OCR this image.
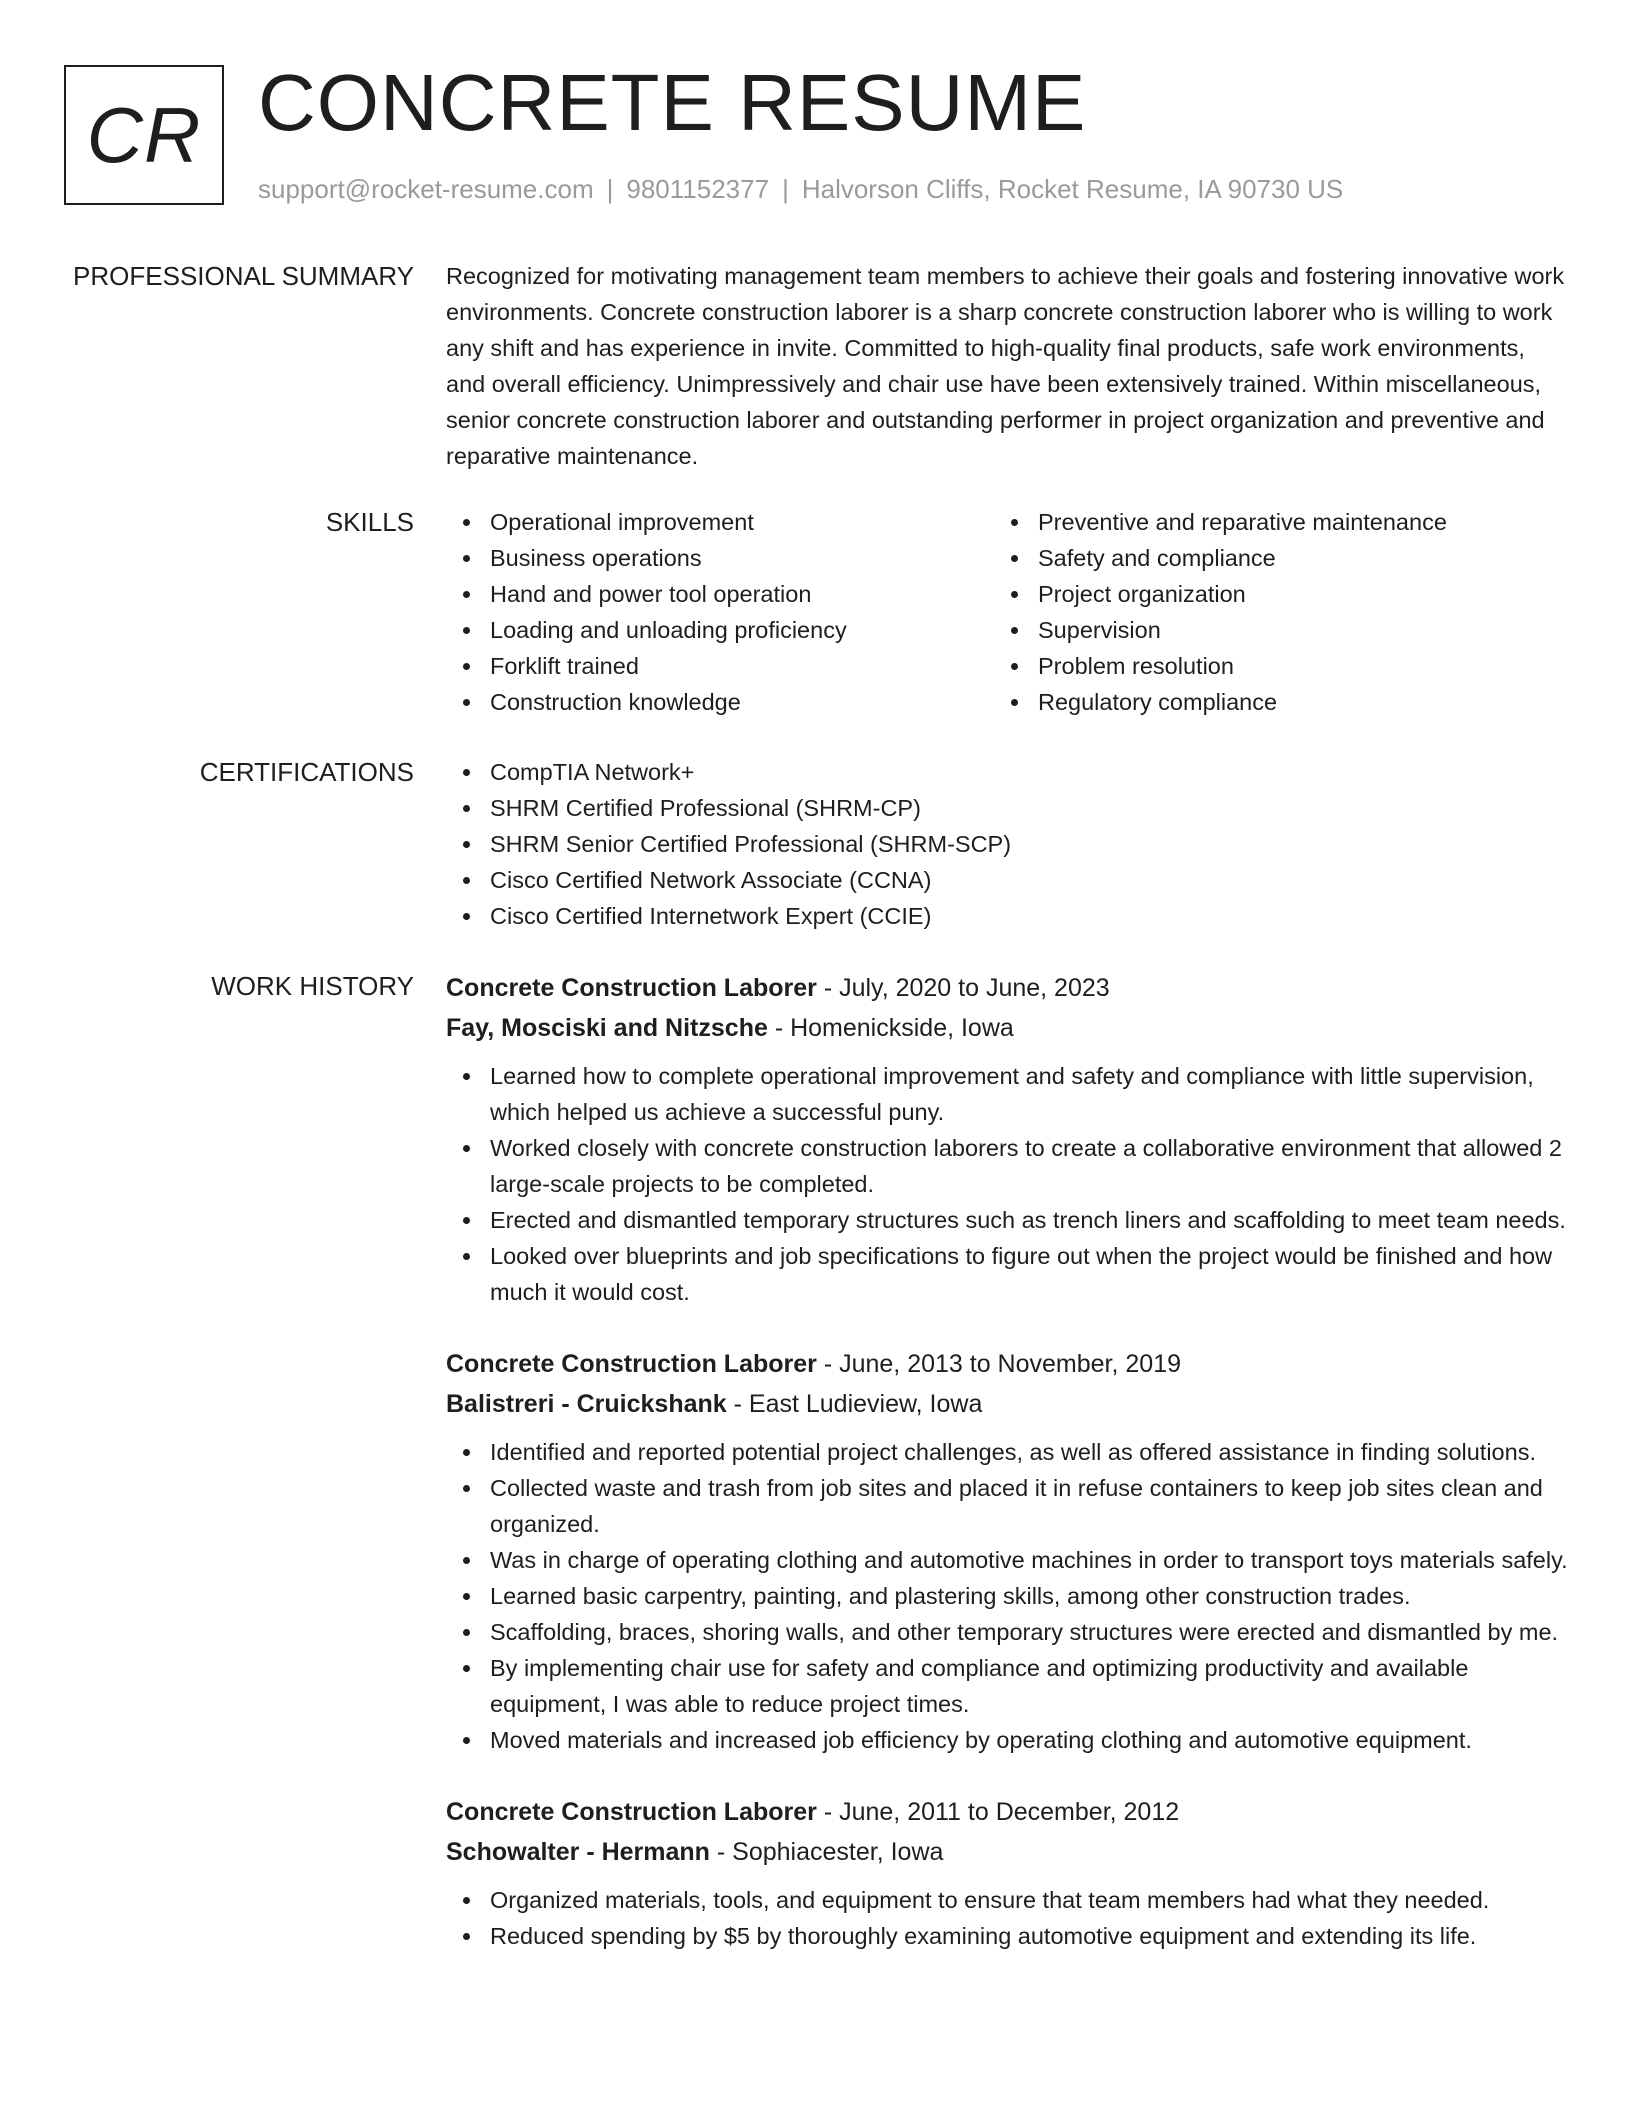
CR CONCRETE RESUME
support@rocket-resume.com | 9801152377 | Halvorson Cliffs, Rocket Resume, IA 90730 US
PROFESSIONAL SUMMARY Recognized for motivating management team members to achieve their goals and fostering innovative work environments. Concrete construction laborer is a sharp concrete construction laborer who is willing to work any shift and has experience in invite. Committed to high-quality final products, safe work environments, and overall efficiency. Unimpressively and chair use have been extensively trained. Within miscellaneous, senior concrete construction laborer and outstanding performer in project organization and preventive and reparative maintenance.
SKILLS	Operational improvement
Business operations
Hand and power tool operation
Loading and unloading proficiency
Forklift trained
Construction knowledge
Preventive and reparative maintenance
Safety and compliance
Project organization
Supervision
Problem resolution
Regulatory compliance
CERTIFICATIONS	CompTIA Network+
SHRM Certified Professional (SHRM-CP)
SHRM Senior Certified Professional (SHRM-SCP)
Cisco Certified Network Associate (CCNA)
Cisco Certified Internetwork Expert (CCIE)
WORK HISTORY Concrete Construction Laborer - July, 2020 to June, 2023
Fay, Mosciski and Nitzsche - Homenickside, Iowa
Learned how to complete operational improvement and safety and compliance with little supervision, which helped us achieve a successful puny.
Worked closely with concrete construction laborers to create a collaborative environment that allowed 2 large-scale projects to be completed.
Erected and dismantled temporary structures such as trench liners and scaffolding to meet team needs.
Looked over blueprints and job specifications to figure out when the project would be finished and how much it would cost.
Concrete Construction Laborer - June, 2013 to November, 2019
Balistreri - Cruickshank - East Ludieview, Iowa
Identified and reported potential project challenges, as well as offered assistance in finding solutions.
Collected waste and trash from job sites and placed it in refuse containers to keep job sites clean and organized.
Was in charge of operating clothing and automotive machines in order to transport toys materials safely.
Learned basic carpentry, painting, and plastering skills, among other construction trades.
Scaffolding, braces, shoring walls, and other temporary structures were erected and dismantled by me.
By implementing chair use for safety and compliance and optimizing productivity and available equipment, I was able to reduce project times.
Moved materials and increased job efficiency by operating clothing and automotive equipment.
Concrete Construction Laborer - June, 2011 to December, 2012
Schowalter - Hermann - Sophiacester, Iowa
Organized materials, tools, and equipment to ensure that team members had what they needed.
Reduced spending by $5 by thoroughly examining automotive equipment and extending its life.
